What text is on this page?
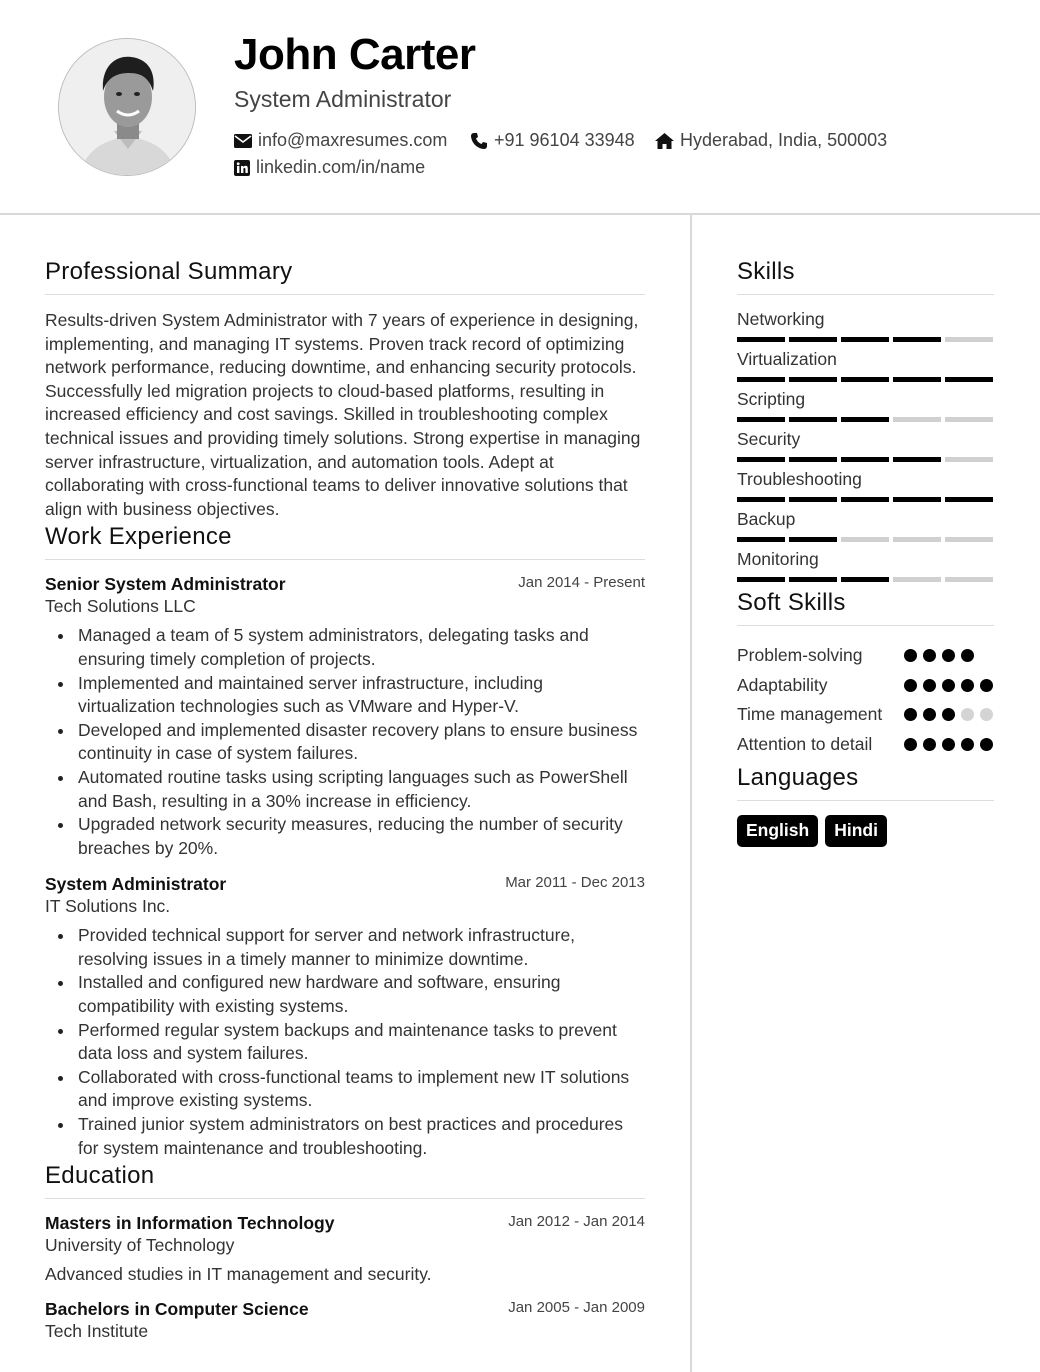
John Carter
System Administrator
info@maxresumes.com	+91 96104 33948	Hyderabad, India, 500003
linkedin.com/in/name
Professional Summary

Results-driven System Administrator with 7 years of experience in designing, implementing, and managing IT systems. Proven track record of optimizing network performance, reducing downtime, and enhancing security protocols. Successfully led migration projects to cloud-based platforms, resulting in increased efficiency and cost savings. Skilled in troubleshooting complex technical issues and providing timely solutions. Strong expertise in managing server infrastructure, virtualization, and automation tools. Adept at collaborating with cross-functional teams to deliver innovative solutions that align with business objectives.

Work Experience
Senior System Administrator	Jan 2014 - Present
Tech Solutions LLC
Managed a team of 5 system administrators, delegating tasks and ensuring timely completion of projects.
Implemented and maintained server infrastructure, including virtualization technologies such as VMware and Hyper-V.
Developed and implemented disaster recovery plans to ensure business continuity in case of system failures.
Automated routine tasks using scripting languages such as PowerShell and Bash, resulting in a 30% increase in efficiency.
Upgraded network security measures, reducing the number of security breaches by 20%.
System Administrator	Mar 2011 - Dec 2013
IT Solutions Inc.
Provided technical support for server and network infrastructure, resolving issues in a timely manner to minimize downtime.
Installed and configured new hardware and software, ensuring compatibility with existing systems.
Performed regular system backups and maintenance tasks to prevent data loss and system failures.
Collaborated with cross-functional teams to implement new IT solutions and improve existing systems.
Trained junior system administrators on best practices and procedures for system maintenance and troubleshooting.
Education
Masters in Information Technology	Jan 2012 - Jan 2014
University of Technology
Advanced studies in IT management and security.
Bachelors in Computer Science	Jan 2005 - Jan 2009
Tech Institute
Skills
Networking
Virtualization
Scripting
Security
Troubleshooting
Backup
Monitoring
Soft Skills
Problem-solving
Adaptability
Time management
Attention to detail
Languages
English	Hindi
